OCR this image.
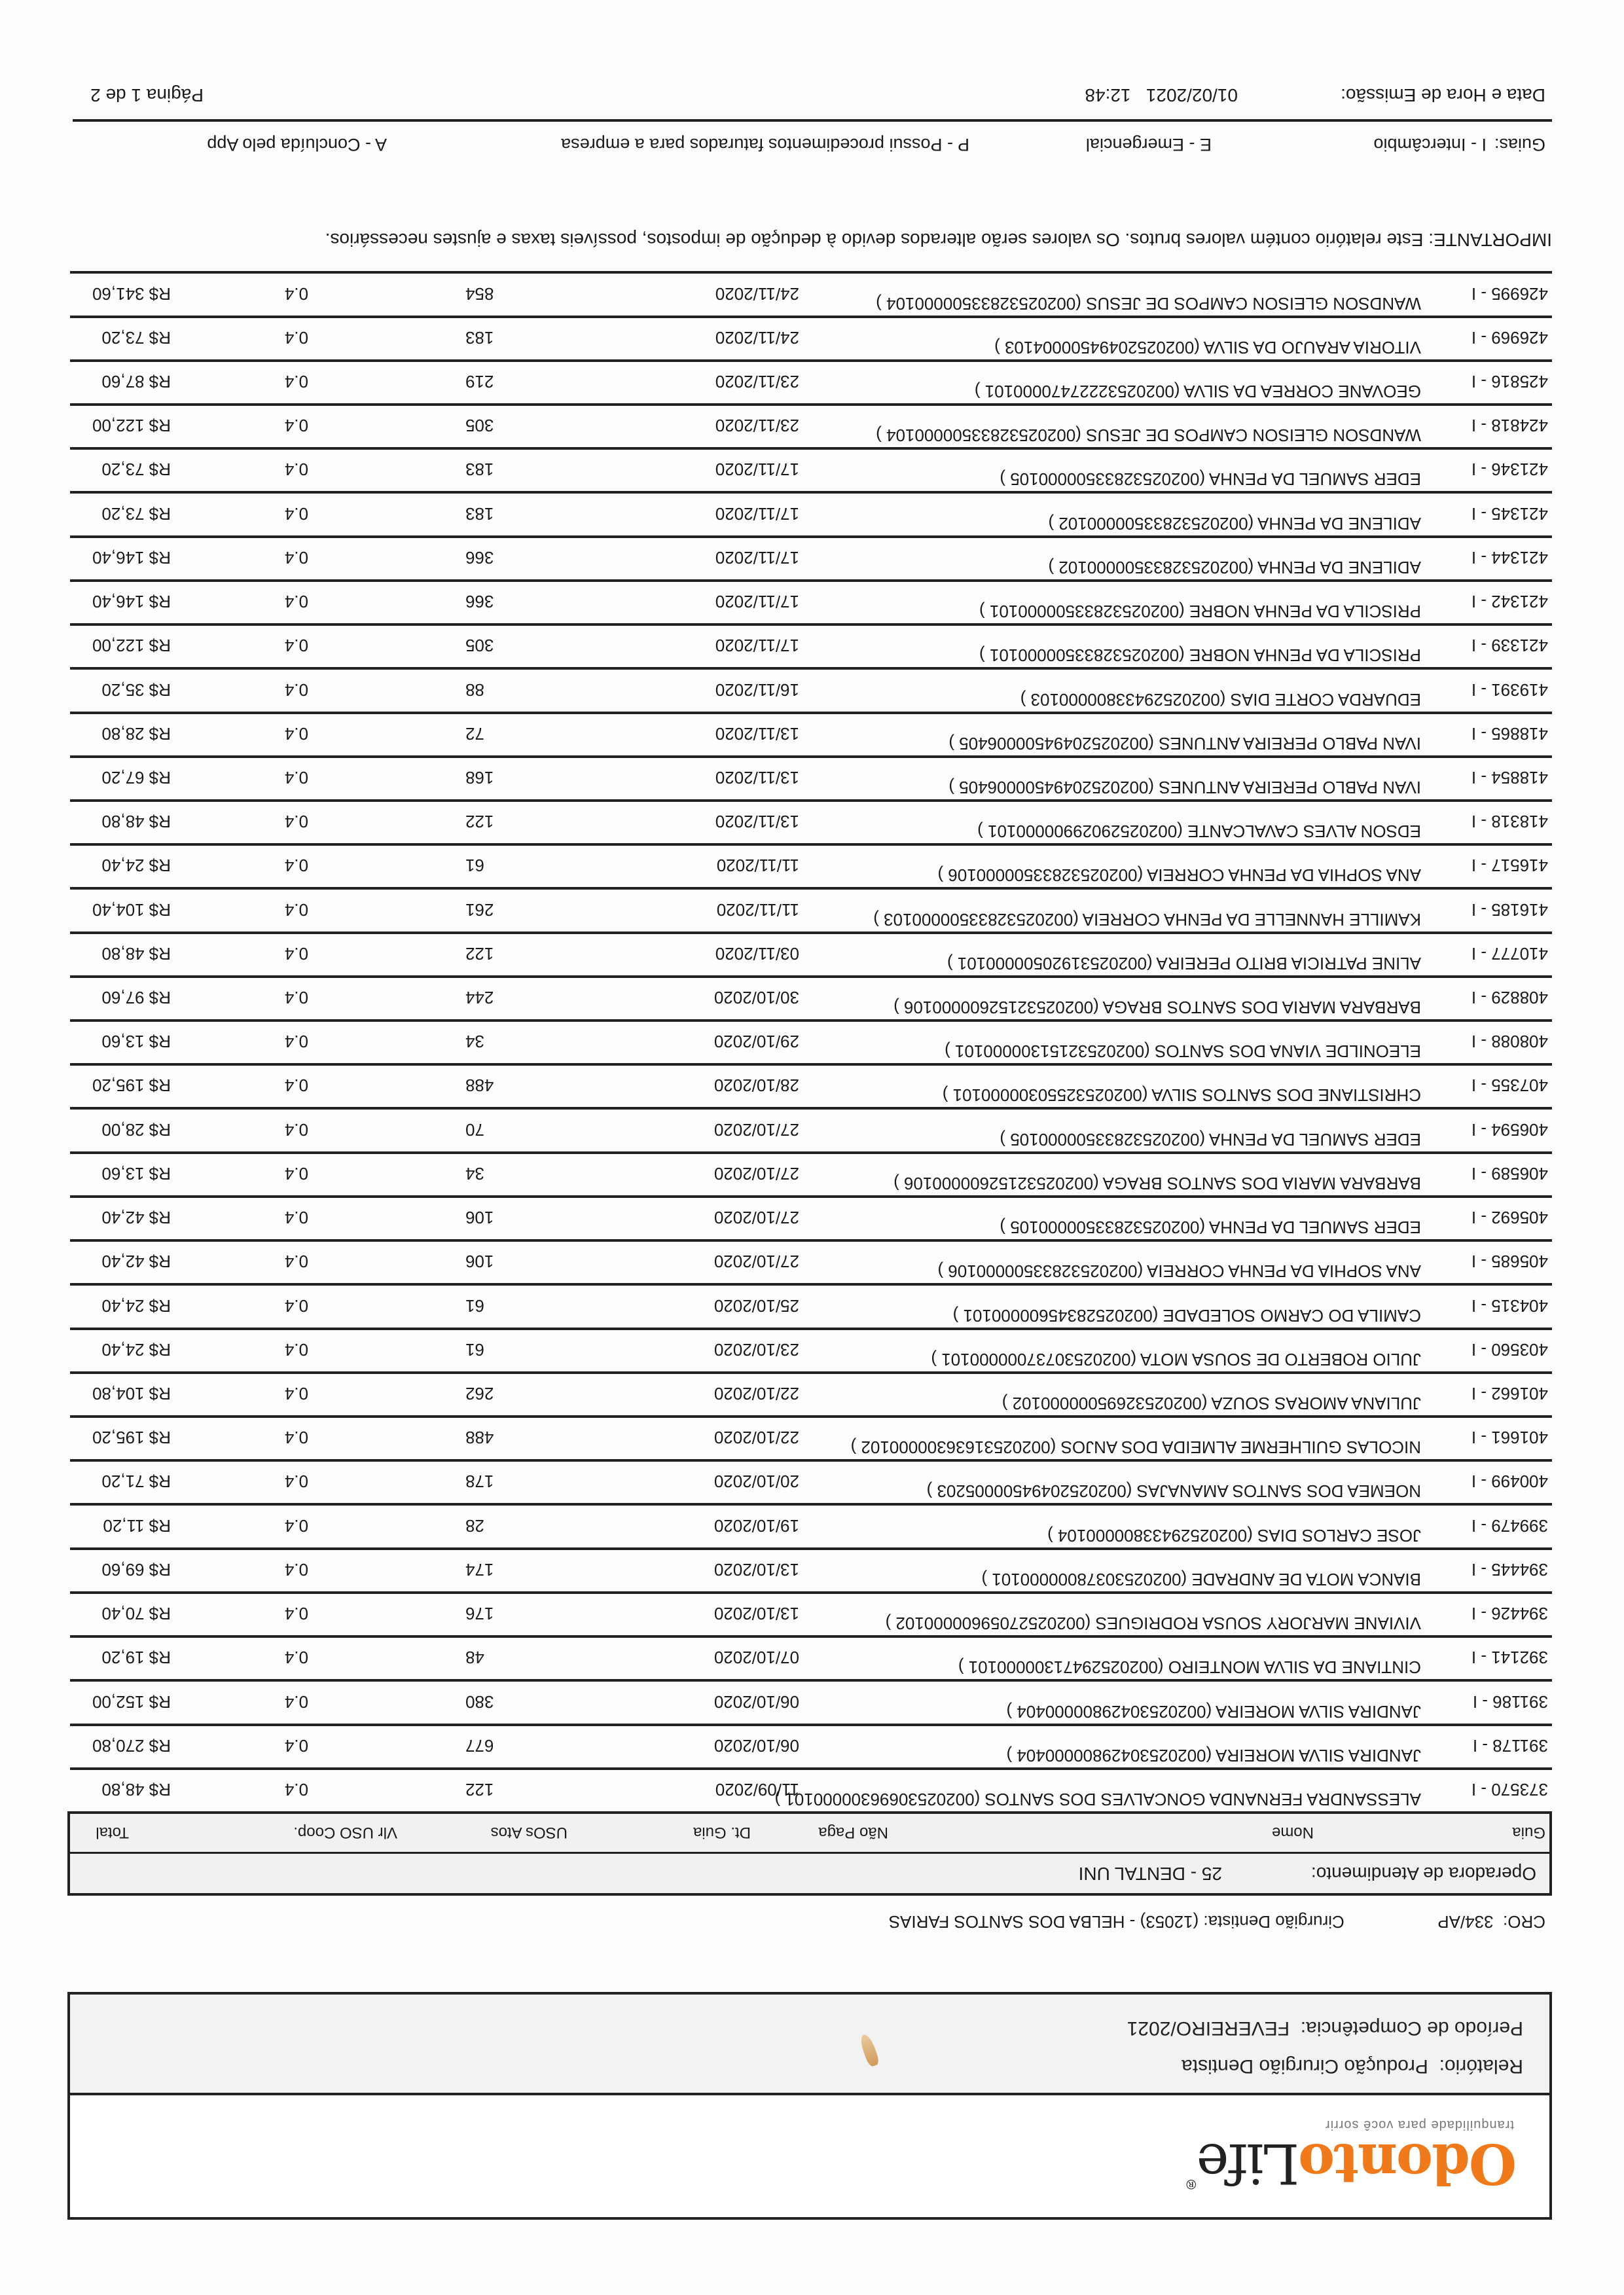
OdontoLife®
tranquilidade para você sorrir
Relatório:  Produção Cirurgião Dentista
Período de Competência:  FEVEREIRO/2021
CRO:  334/AP Cirurgião Dentista: (12053) - HELBA DOS SANTOS FARIAS
Operadora de Atendimento:
25 - DENTAL UNI
Guia
Nome
Não Paga
Dt. Guia
USOs Atos
Vlr USO Coop.
Total
373570 - I
ALESSANDRA FERNANDA GONCALVES DOS SANTOS (00202530696300000101 )
11/09/2020
122
0.4
R$ 48,80
391178 - I
JANDIRA SILVA MOREIRA (00202530429800000404 )
06/10/2020
677
0.4
R$ 270,80
391186 - I
JANDIRA SILVA MOREIRA (00202530429800000404 )
06/10/2020
380
0.4
R$ 152,00
392141 - I
CINTIANE DA SILVA MONTEIRO (00202529471300000101 )
07/10/2020
48
0.4
R$ 19,20
394426 - I
VIVIANE MARJORY SOUSA RODRIGUES (00202527059600000102 )
13/10/2020
176
0.4
R$ 70,40
394445 - I
BIANCA MOTA DE ANDRADE (00202530378000000101 )
13/10/2020
174
0.4
R$ 69,60
399479 - I
JOSE CARLOS DIAS (00202529433800000104 )
19/10/2020
28
0.4
R$ 11,20
400499 - I
NOEMEA DOS SANTOS AMANAJAS (00202520494500005203 )
20/10/2020
178
0.4
R$ 71,20
401661 - I
NICOLAS GUILHERME ALMEIDA DOS ANJOS (00202531636300000102 )
22/10/2020
488
0.4
R$ 195,20
401662 - I
JULIANA AMORAS SOUZA (00202532695000000102 )
22/10/2020
262
0.4
R$ 104,80
403560 - I
JULIO ROBERTO DE SOUSA MOTA (00202530737000000101 )
23/10/2020
61
0.4
R$ 24,40
404315 - I
CAMILA DO CARMO SOLEDADE (00202528345600000101 )
25/10/2020
61
0.4
R$ 24,40
405685 - I
ANA SOPHIA DA PENHA CORREIA (00202532833500000106 )
27/10/2020
106
0.4
R$ 42,40
405692 - I
EDER SAMUEL DA PENHA (00202532833500000105 )
27/10/2020
106
0.4
R$ 42,40
406589 - I
BARBARA MARIA DOS SANTOS BRAGA (00202532152600000106 )
27/10/2020
34
0.4
R$ 13,60
406594 - I
EDER SAMUEL DA PENHA (00202532833500000105 )
27/10/2020
70
0.4
R$ 28,00
407355 - I
CHRISTIANE DOS SANTOS SILVA (00202532550300000101 )
28/10/2020
488
0.4
R$ 195,20
408088 - I
ELEONILDE VIANA DOS SANTOS (00202532151300000101 )
29/10/2020
34
0.4
R$ 13,60
408829 - I
BARBARA MARIA DOS SANTOS BRAGA (00202532152600000106 )
30/10/2020
244
0.4
R$ 97,60
410777 - I
ALINE PATRICIA BRITO PEREIRA (00202531920500000101 )
03/11/2020
122
0.4
R$ 48,80
416185 - I
KAMILLE HANNELLE DA PENHA CORREIA (00202532833500000103 )
11/11/2020
261
0.4
R$ 104,40
416517 - I
ANA SOPHIA DA PENHA CORREIA (00202532833500000106 )
11/11/2020
61
0.4
R$ 24,40
418318 - I
EDSON ALVES CAVALCANTE (00202529029900000101 )
13/11/2020
122
0.4
R$ 48,80
418854 - I
IVAN PABLO PEREIRA ANTUNES (00202520494500006405 )
13/11/2020
168
0.4
R$ 67,20
418865 - I
IVAN PABLO PEREIRA ANTUNES (00202520494500006405 )
13/11/2020
72
0.4
R$ 28,80
419391 - I
EDUARDA CORTE DIAS (00202529433800000103 )
16/11/2020
88
0.4
R$ 35,20
421339 - I
PRISCILA DA PENHA NOBRE (00202532833500000101 )
17/11/2020
305
0.4
R$ 122,00
421342 - I
PRISCILA DA PENHA NOBRE (00202532833500000101 )
17/11/2020
366
0.4
R$ 146,40
421344 - I
ADILENE DA PENHA (00202532833500000102 )
17/11/2020
366
0.4
R$ 146,40
421345 - I
ADILENE DA PENHA (00202532833500000102 )
17/11/2020
183
0.4
R$ 73,20
421346 - I
EDER SAMUEL DA PENHA (00202532833500000105 )
17/11/2020
183
0.4
R$ 73,20
424818 - I
WANDSON GLEISON CAMPOS DE JESUS (00202532833500000104 )
23/11/2020
305
0.4
R$ 122,00
425816 - I
GEOVANE CORREA DA SILVA (00202532227470000101 )
23/11/2020
219
0.4
R$ 87,60
426969 - I
VITORIA ARAUJO DA SILVA (00202520494500004103 )
24/11/2020
183
0.4
R$ 73,20
426995 - I
WANDSON GLEISON CAMPOS DE JESUS (00202532833500000104 )
24/11/2020
854
0.4
R$ 341,60
IMPORTANTE: Este relatório contém valores brutos. Os valores serão alterados devido à dedução de impostos, possíveis taxas e ajustes necessários.
Guias:
I - Intercâmbio
E - Emergencial
P - Possui procedimentos faturados para a empresa
A - Concluída pelo App
Data e Hora de Emissão:
01/02/2021   12:48
Página 1 de 2
